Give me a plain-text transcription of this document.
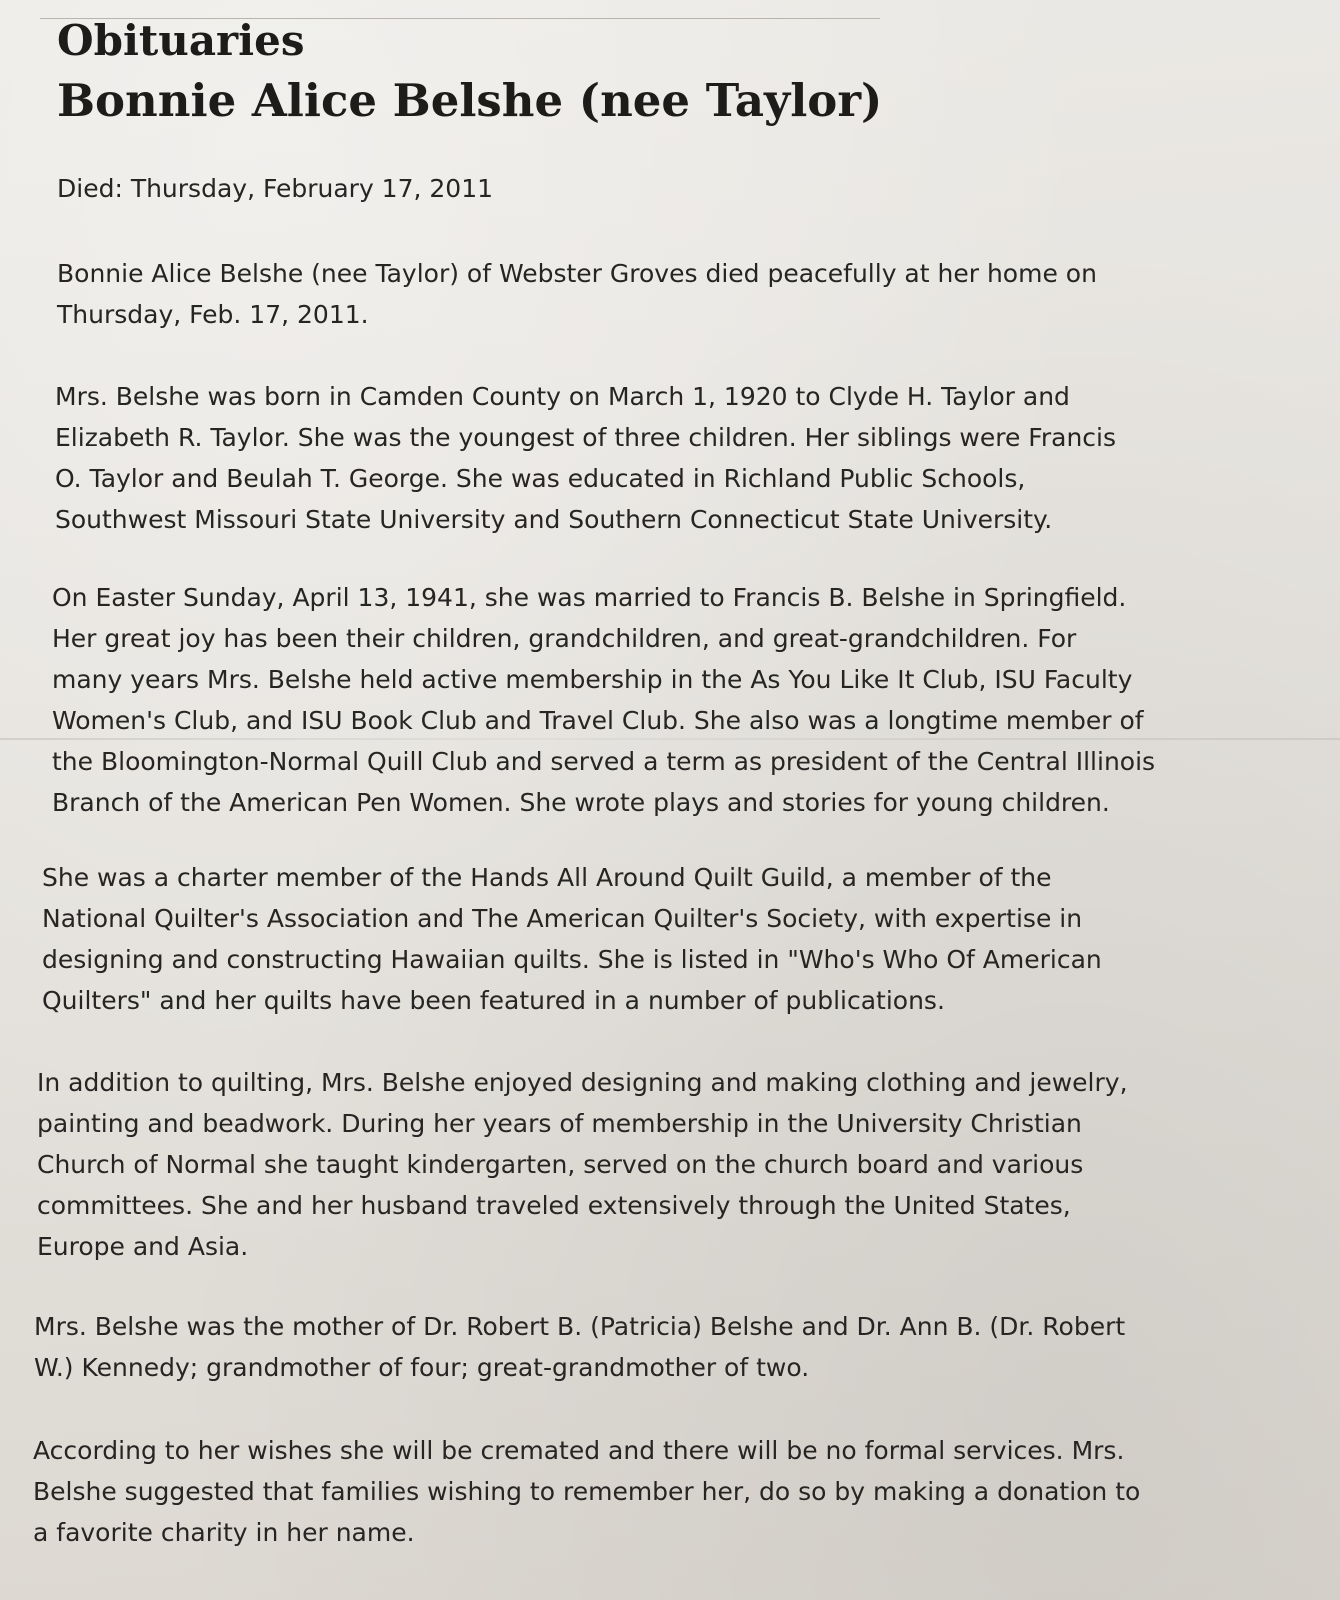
Obituaries
Bonnie Alice Belshe (nee Taylor)

Died: Thursday, February 17, 2011

Bonnie Alice Belshe (nee Taylor) of Webster Groves died peacefully at her home on
Thursday, Feb. 17, 2011.

Mrs. Belshe was born in Camden County on March 1, 1920 to Clyde H. Taylor and
Elizabeth R. Taylor. She was the youngest of three children. Her siblings were Francis
O. Taylor and Beulah T. George. She was educated in Richland Public Schools,
Southwest Missouri State University and Southern Connecticut State University.

On Easter Sunday, April 13, 1941, she was married to Francis B. Belshe in Springfield.
Her great joy has been their children, grandchildren, and great-grandchildren. For
many years Mrs. Belshe held active membership in the As You Like It Club, ISU Faculty
Women's Club, and ISU Book Club and Travel Club. She also was a longtime member of
the Bloomington-Normal Quill Club and served a term as president of the Central Illinois
Branch of the American Pen Women. She wrote plays and stories for young children.

She was a charter member of the Hands All Around Quilt Guild, a member of the
National Quilter's Association and The American Quilter's Society, with expertise in
designing and constructing Hawaiian quilts. She is listed in "Who's Who Of American
Quilters" and her quilts have been featured in a number of publications.

In addition to quilting, Mrs. Belshe enjoyed designing and making clothing and jewelry,
painting and beadwork. During her years of membership in the University Christian
Church of Normal she taught kindergarten, served on the church board and various
committees. She and her husband traveled extensively through the United States,
Europe and Asia.

Mrs. Belshe was the mother of Dr. Robert B. (Patricia) Belshe and Dr. Ann B. (Dr. Robert
W.) Kennedy; grandmother of four; great-grandmother of two.

According to her wishes she will be cremated and there will be no formal services. Mrs.
Belshe suggested that families wishing to remember her, do so by making a donation to
a favorite charity in her name.
